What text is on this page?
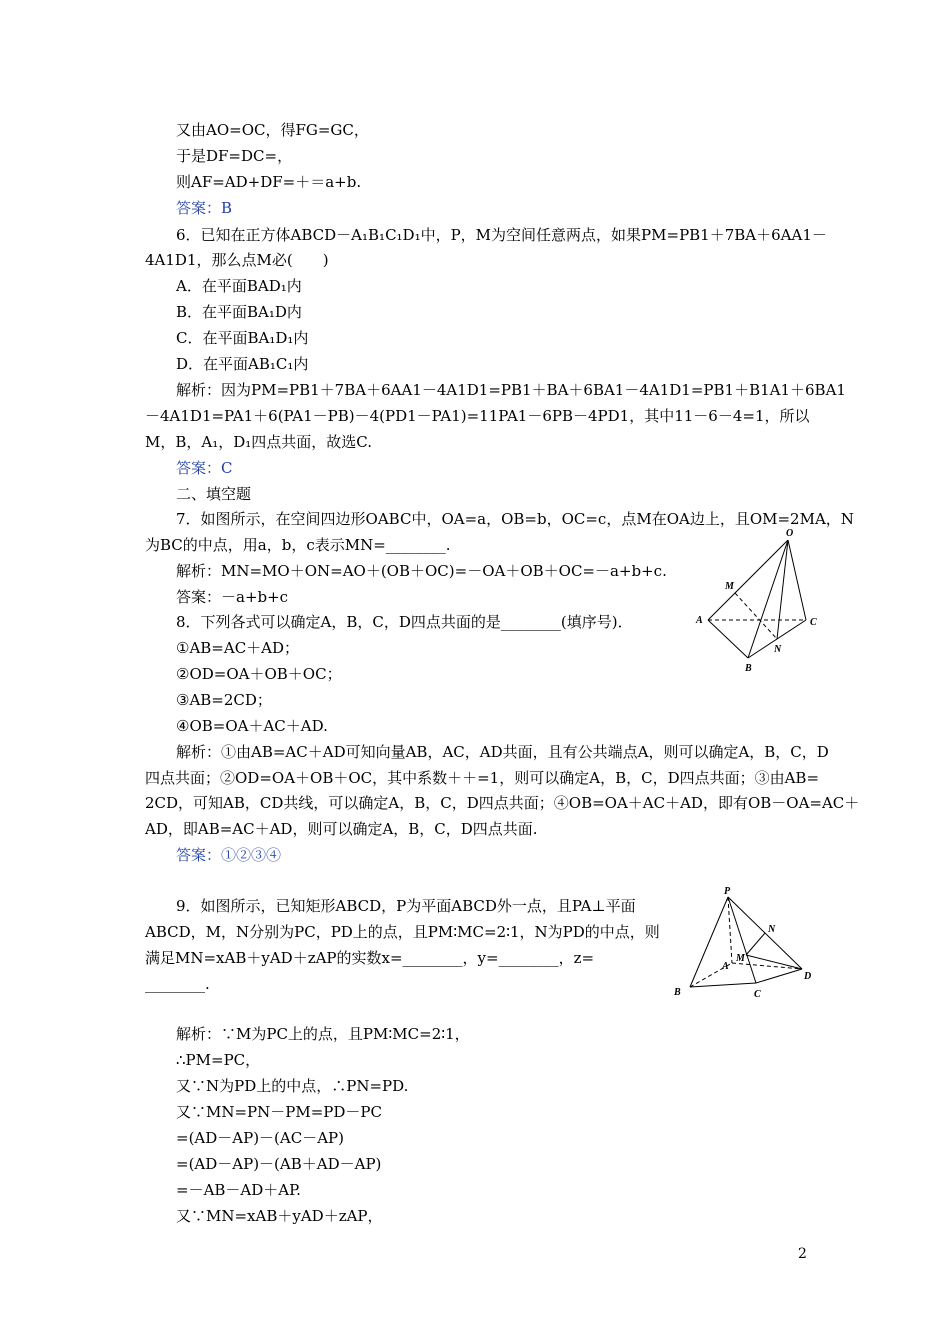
又由AO=OC，得FG=GC，
于是DF=DC=，
则AF=AD+DF=＋＝a+b.
答案：B
6．已知在正方体ABCD－A₁B₁C₁D₁中，P，M为空间任意两点，如果PM=PB1＋7BA＋6AA1－
4A1D1，那么点M必(　　)
A．在平面BAD₁内
B．在平面BA₁D内
C．在平面BA₁D₁内
D．在平面AB₁C₁内
解析：因为PM=PB1＋7BA＋6AA1－4A1D1=PB1＋BA＋6BA1－4A1D1=PB1＋B1A1＋6BA1
－4A1D1=PA1＋6(PA1－PB)－4(PD1－PA1)=11PA1－6PB－4PD1，其中11－6－4=1，所以
M，B，A₁，D₁四点共面，故选C.
答案：C
二、填空题
7．如图所示，在空间四边形OABC中，OA=a，OB=b，OC=c，点M在OA边上，且OM=2MA，N
为BC的中点，用a，b，c表示MN=________.
解析：MN=MO＋ON=AO＋(OB＋OC)=－OA＋OB＋OC=－a+b+c.
答案：－a+b+c
8．下列各式可以确定A，B，C，D四点共面的是________(填序号)．
①AB=AC＋AD；
②OD=OA＋OB＋OC；
③AB=2CD；
④OB=OA＋AC＋AD.
解析：①由AB=AC＋AD可知向量AB，AC，AD共面，且有公共端点A，则可以确定A，B，C，D
四点共面；②OD=OA＋OB＋OC，其中系数＋＋=1，则可以确定A，B，C，D四点共面；③由AB=
2CD，可知AB，CD共线，可以确定A，B，C，D四点共面；④OB=OA＋AC＋AD，即有OB－OA=AC＋
AD，即AB=AC＋AD，则可以确定A，B，C，D四点共面.
答案：①②③④
9．如图所示，已知矩形ABCD，P为平面ABCD外一点，且PA⊥平面
ABCD，M，N分别为PC，PD上的点，且PM∶MC=2∶1，N为PD的中点，则
满足MN=xAB＋yAD＋zAP的实数x=________，y=________，z=
________.
解析：∵M为PC上的点，且PM∶MC=2∶1，
∴PM=PC，
又∵N为PD上的中点，∴PN=PD.
又∵MN=PN－PM=PD－PC
=(AD－AP)－(AC－AP)
=(AD－AP)－(AB＋AD－AP)
=－AB－AD＋AP.
又∵MN=xAB＋yAD＋zAP，
O
M
A	C
N
B
P
N
A
M
B	C
D
2
